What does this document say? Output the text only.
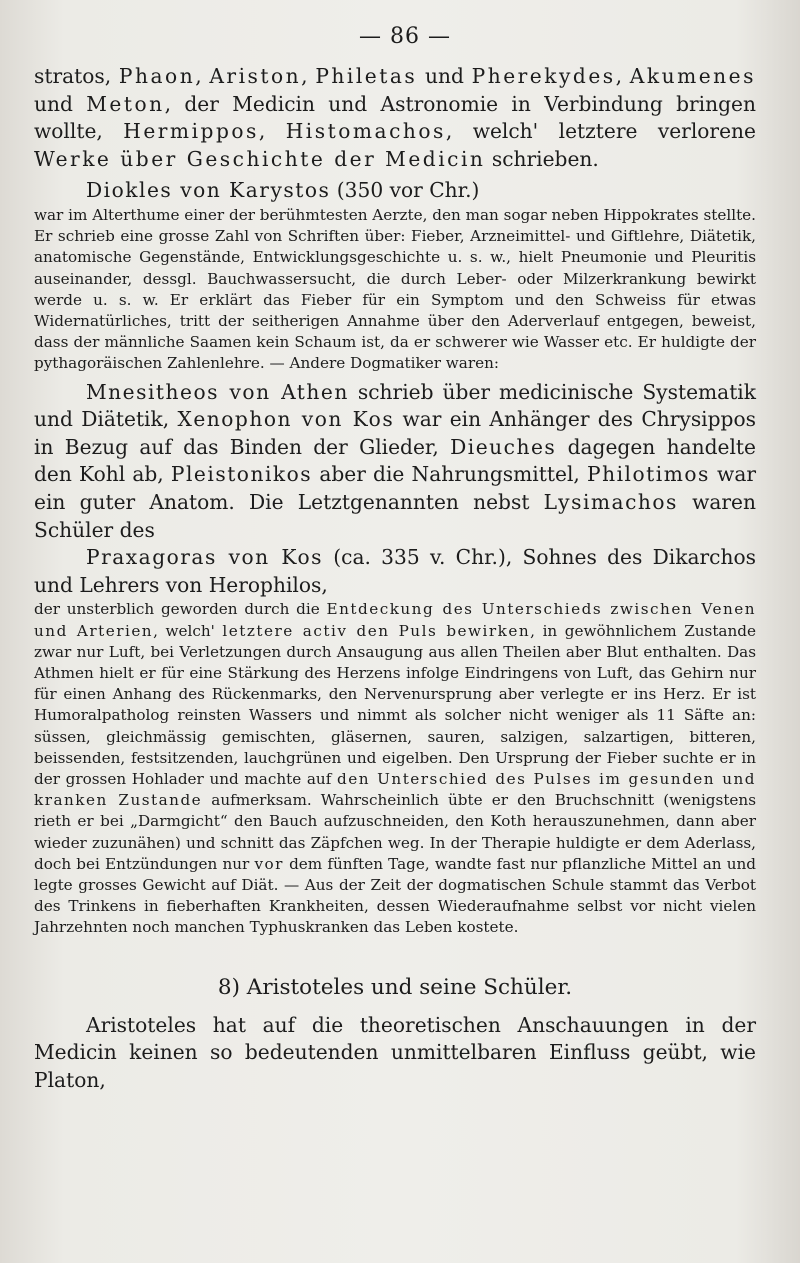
— 86 —

stratos, Phaon, Ariston, Philetas und Pherekydes, Akumenes und Meton, der Medicin und Astronomie in Verbindung bringen wollte, Hermippos, Histomachos, welch' letztere verlorene Werke über Geschichte der Medicin schrieben.

Diokles von Karystos (350 vor Chr.)

war im Alterthume einer der berühmtesten Aerzte, den man sogar neben Hippokrates stellte. Er schrieb eine grosse Zahl von Schriften über: Fieber, Arzneimittel- und Giftlehre, Diätetik, anatomische Gegenstände, Entwicklungsgeschichte u. s. w., hielt Pneumonie und Pleuritis auseinander, dessgl. Bauchwassersucht, die durch Leber- oder Milzerkrankung bewirkt werde u. s. w. Er erklärt das Fieber für ein Symptom und den Schweiss für etwas Widernatürliches, tritt der seitherigen Annahme über den Aderverlauf entgegen, beweist, dass der männliche Saamen kein Schaum ist, da er schwerer wie Wasser etc. Er huldigte der pythagoräischen Zahlenlehre. — Andere Dogmatiker waren:

Mnesitheos von Athen schrieb über medicinische Systematik und Diätetik, Xenophon von Kos war ein Anhänger des Chrysippos in Bezug auf das Binden der Glieder, Dieuches dagegen handelte den Kohl ab, Pleistonikos aber die Nahrungsmittel, Philotimos war ein guter Anatom. Die Letztgenannten nebst Lysimachos waren Schüler des

Praxagoras von Kos (ca. 335 v. Chr.), Sohnes des Dikarchos und Lehrers von Herophilos,

der unsterblich geworden durch die Entdeckung des Unterschieds zwischen Venen und Arterien, welch' letztere activ den Puls bewirken, in gewöhnlichem Zustande zwar nur Luft, bei Verletzungen durch Ansaugung aus allen Theilen aber Blut enthalten. Das Athmen hielt er für eine Stärkung des Herzens infolge Eindringens von Luft, das Gehirn nur für einen Anhang des Rückenmarks, den Nervenursprung aber verlegte er ins Herz. Er ist Humoralpatholog reinsten Wassers und nimmt als solcher nicht weniger als 11 Säfte an: süssen, gleichmässig gemischten, gläsernen, sauren, salzigen, salzartigen, bitteren, beissenden, festsitzenden, lauchgrünen und eigelben. Den Ursprung der Fieber suchte er in der grossen Hohlader und machte auf den Unterschied des Pulses im gesunden und kranken Zustande aufmerksam. Wahrscheinlich übte er den Bruchschnitt (wenigstens rieth er bei „Darmgicht“ den Bauch aufzuschneiden, den Koth herauszunehmen, dann aber wieder zuzunähen) und schnitt das Zäpfchen weg. In der Therapie huldigte er dem Aderlass, doch bei Entzündungen nur vor dem fünften Tage, wandte fast nur pflanzliche Mittel an und legte grosses Gewicht auf Diät. — Aus der Zeit der dogmatischen Schule stammt das Verbot des Trinkens in fieberhaften Krankheiten, dessen Wiederaufnahme selbst vor nicht vielen Jahrzehnten noch manchen Typhuskranken das Leben kostete.

8) Aristoteles und seine Schüler.

Aristoteles hat auf die theoretischen Anschauungen in der Medicin keinen so bedeutenden unmittelbaren Einfluss geübt, wie Platon,
